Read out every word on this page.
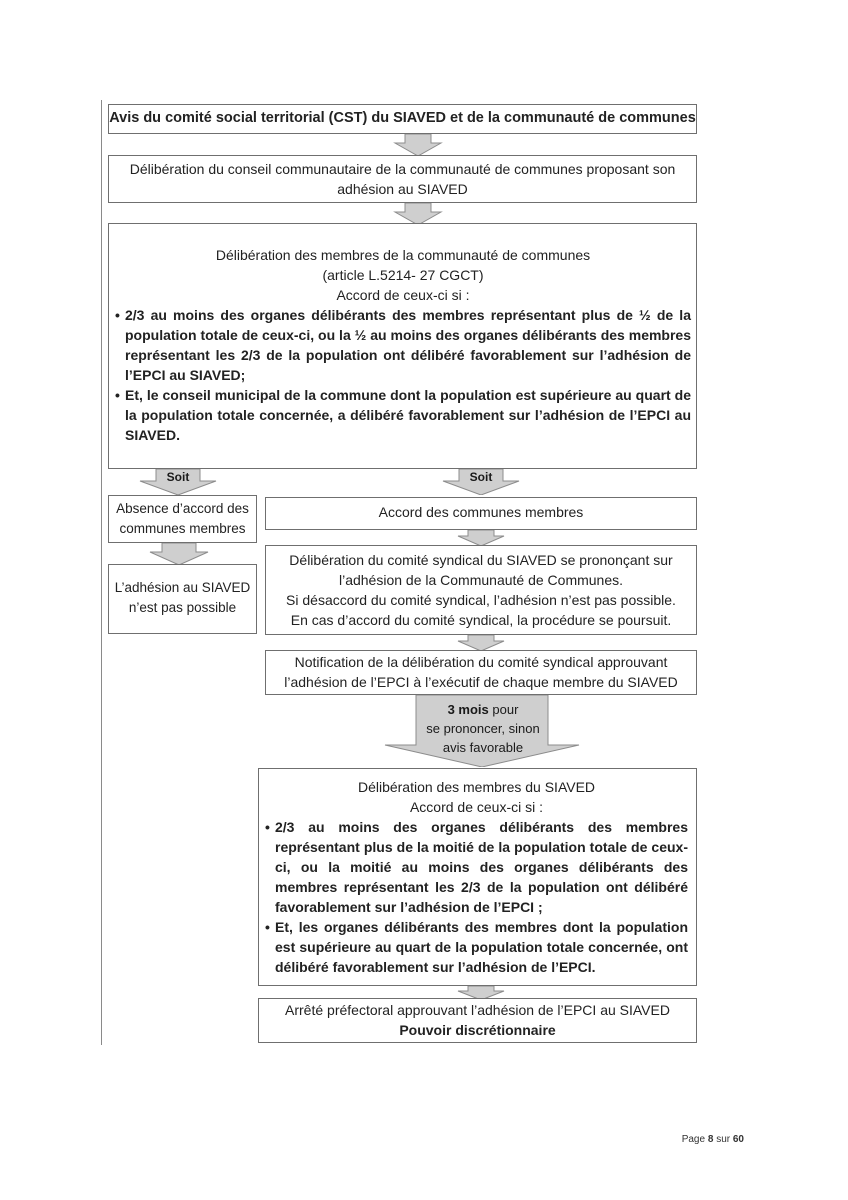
Avis du comité social territorial (CST) du SIAVED et de la communauté de communes
Délibération du conseil communautaire de la communauté de communes proposant son adhésion au SIAVED
Délibération des membres de la communauté de communes
(article L.5214- 27 CGCT)
Accord de ceux-ci si :
• 2/3 au moins des organes délibérants des membres représentant plus de ½ de la population totale de ceux-ci, ou la ½ au moins des organes délibérants des membres représentant les 2/3 de la population ont délibéré favorablement sur l’adhésion de l’EPCI au SIAVED;
• Et, le conseil municipal de la commune dont la population est supérieure au quart de la population totale concernée, a délibéré favorablement sur l’adhésion de l’EPCI au SIAVED.
Soit	Soit
Absence d’accord des communes membres
L’adhésion au SIAVED n’est pas possible
Accord des communes membres
Délibération du comité syndical du SIAVED se prononçant sur
l’adhésion de la Communauté de Communes.
Si désaccord du comité syndical, l’adhésion n’est pas possible.
En cas d’accord du comité syndical, la procédure se poursuit.
Notification de la délibération du comité syndical approuvant
l’adhésion de l’EPCI à l’exécutif de chaque membre du SIAVED
3 mois pour
se prononcer, sinon
avis favorable
Délibération des membres du SIAVED
Accord de ceux-ci si :
• 2/3 au moins des organes délibérants des membres représentant plus de la moitié de la population totale de ceux-ci, ou la moitié au moins des organes délibérants des membres représentant les 2/3 de la population ont délibéré favorablement sur l’adhésion de l’EPCI ;
• Et, les organes délibérants des membres dont la population est supérieure au quart de la population totale concernée, ont délibéré favorablement sur l’adhésion de l’EPCI.
Arrêté préfectoral approuvant l’adhésion de l’EPCI au SIAVED
Pouvoir discrétionnaire
Page 8 sur 60
